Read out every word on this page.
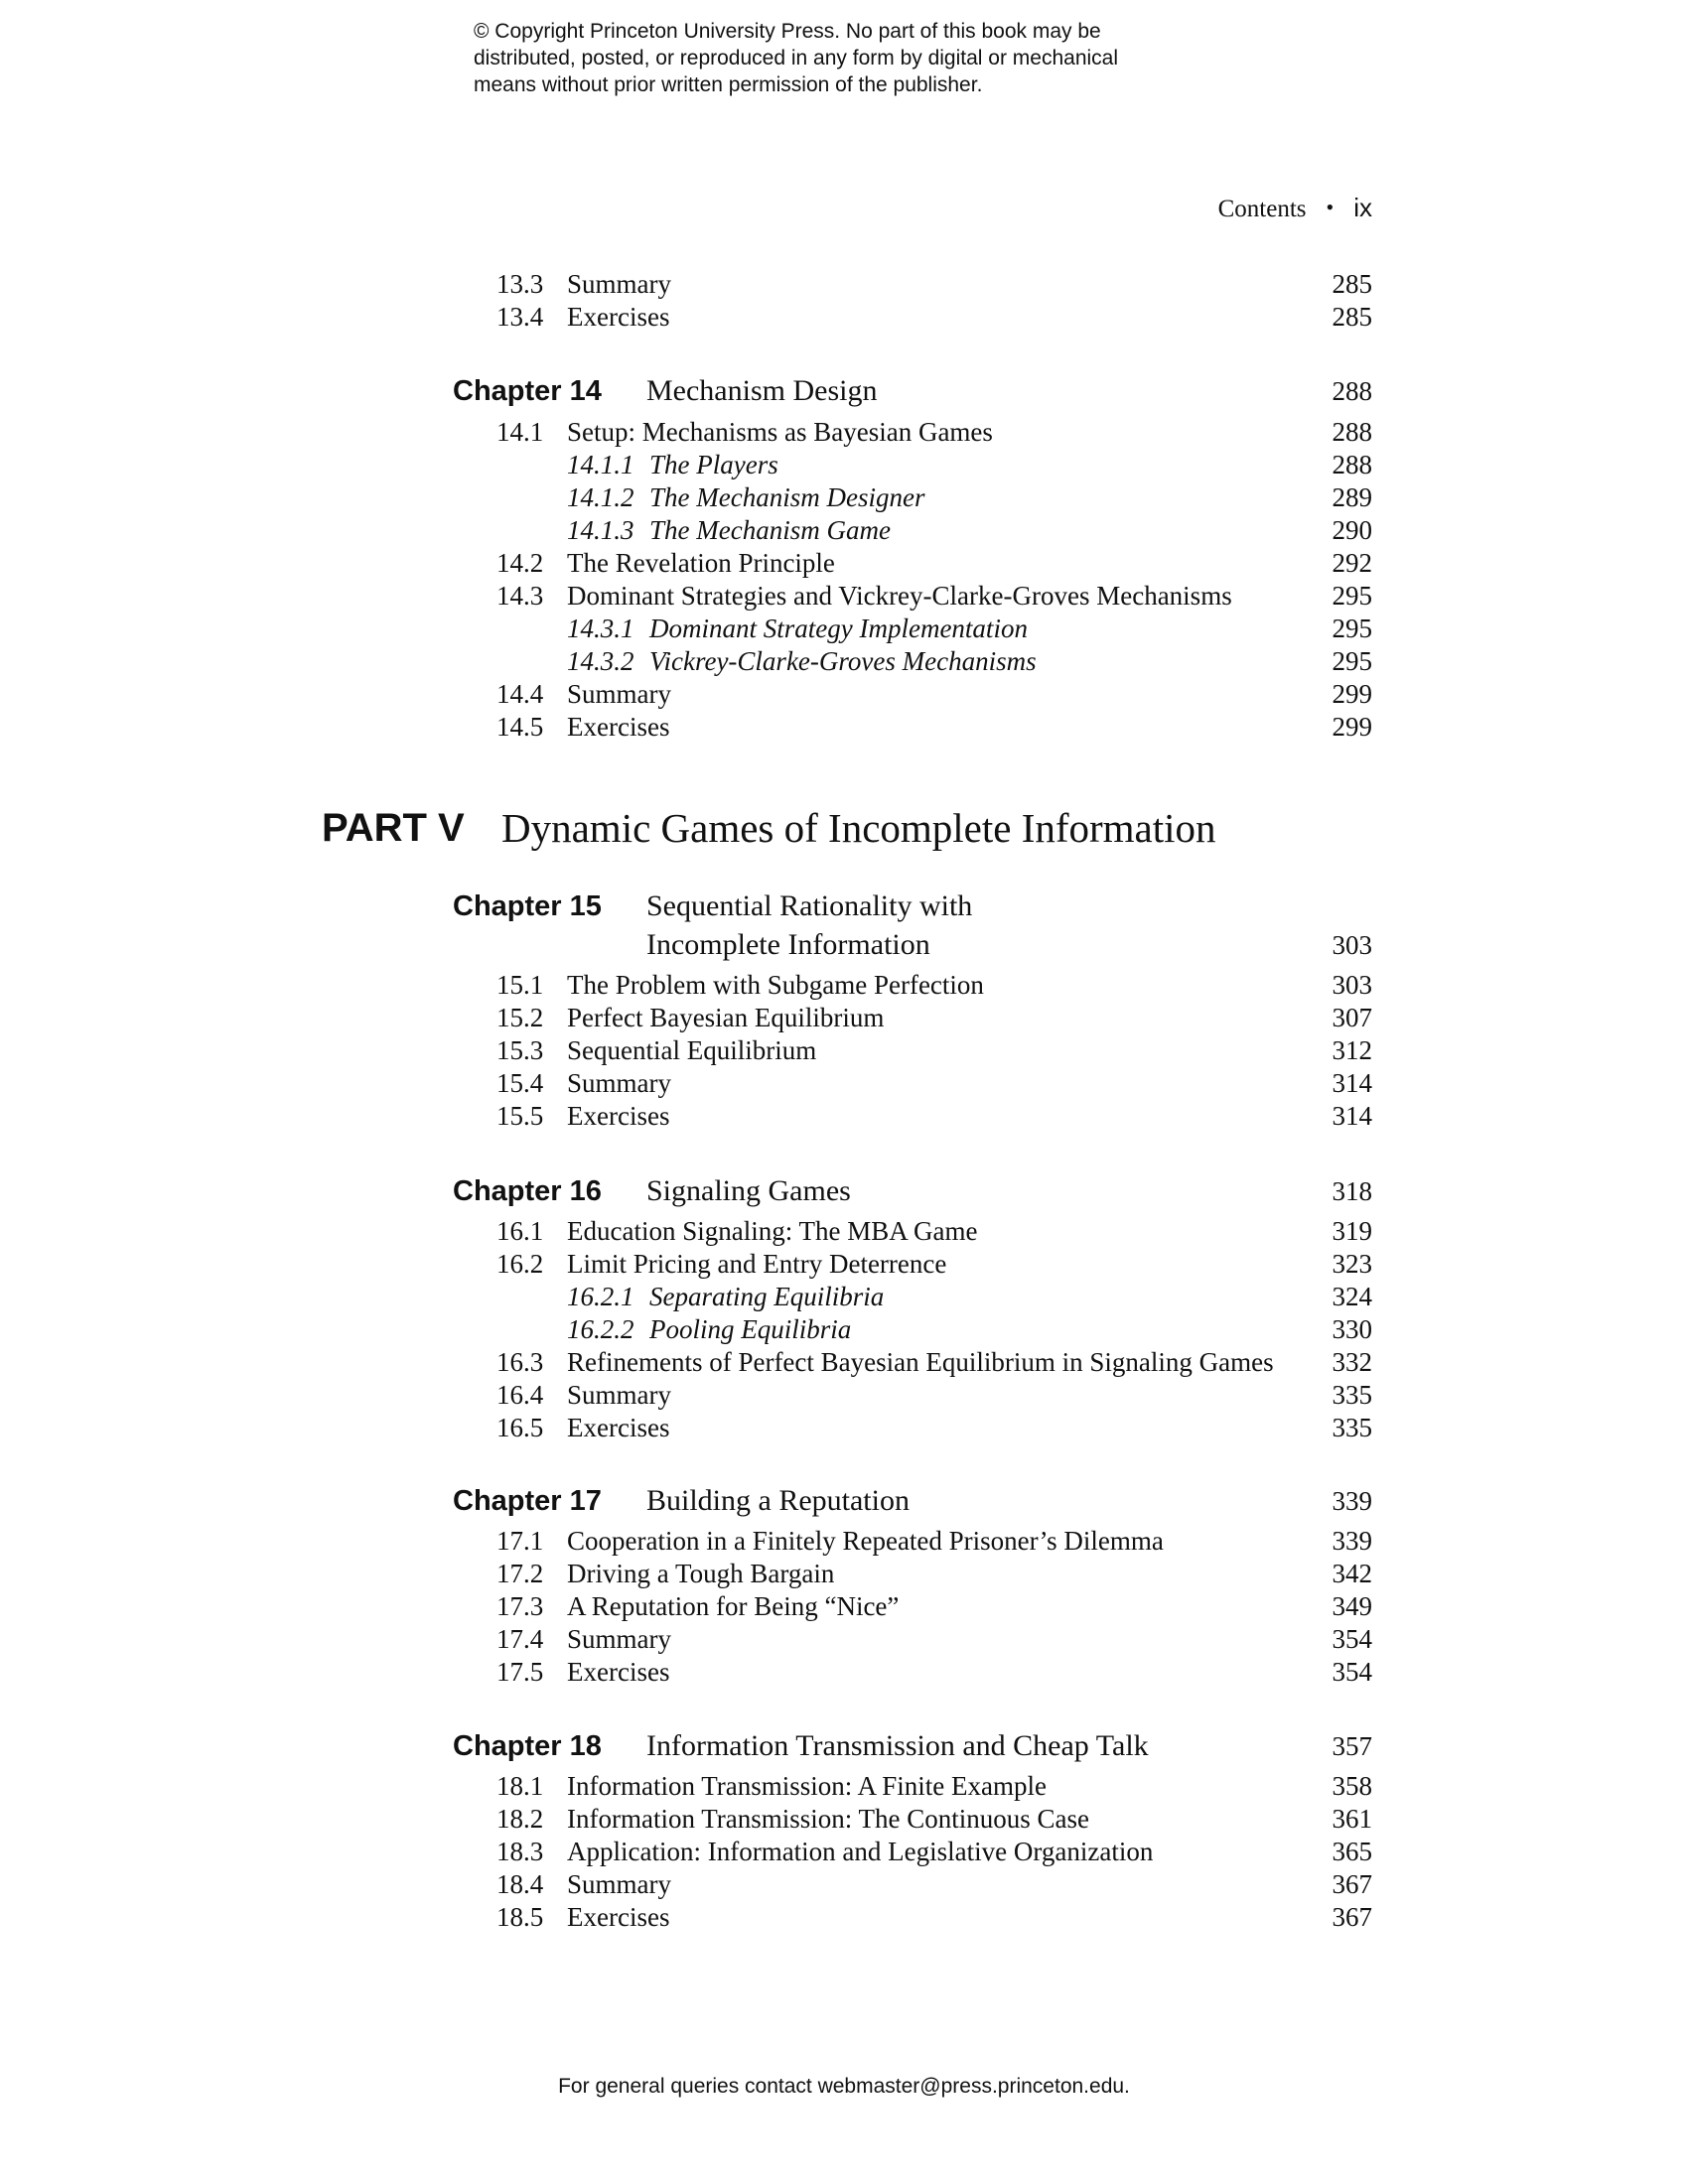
© Copyright Princeton University Press. No part of this book may be
distributed, posted, or reproduced in any form by digital or mechanical
means without prior written permission of the publisher.
Contents • ix
13.3 Summary	285
13.4 Exercises	285
Chapter 14 Mechanism Design	288
14.1 Setup: Mechanisms as Bayesian Games	288
14.1.1 The Players	288
14.1.2 The Mechanism Designer	289
14.1.3 The Mechanism Game	290
14.2 The Revelation Principle	292
14.3 Dominant Strategies and Vickrey-Clarke-Groves Mechanisms	295
14.3.1 Dominant Strategy Implementation	295
14.3.2 Vickrey-Clarke-Groves Mechanisms	295
14.4 Summary	299
14.5 Exercises	299
PART V Dynamic Games of Incomplete Information
Chapter 15 Sequential Rationality with
Incomplete Information	303
15.1 The Problem with Subgame Perfection	303
15.2 Perfect Bayesian Equilibrium	307
15.3 Sequential Equilibrium	312
15.4 Summary	314
15.5 Exercises	314
Chapter 16 Signaling Games	318
16.1 Education Signaling: The MBA Game	319
16.2 Limit Pricing and Entry Deterrence	323
16.2.1 Separating Equilibria	324
16.2.2 Pooling Equilibria	330
16.3 Refinements of Perfect Bayesian Equilibrium in Signaling Games 332
16.4 Summary	335
16.5 Exercises	335
Chapter 17 Building a Reputation	339
17.1 Cooperation in a Finitely Repeated Prisoner’s Dilemma	339
17.2 Driving a Tough Bargain	342
17.3 A Reputation for Being “Nice”	349
17.4 Summary	354
17.5 Exercises	354
Chapter 18 Information Transmission and Cheap Talk	357
18.1 Information Transmission: A Finite Example	358
18.2 Information Transmission: The Continuous Case	361
18.3 Application: Information and Legislative Organization	365
18.4 Summary	367
18.5 Exercises	367
For general queries contact webmaster@press.princeton.edu.
